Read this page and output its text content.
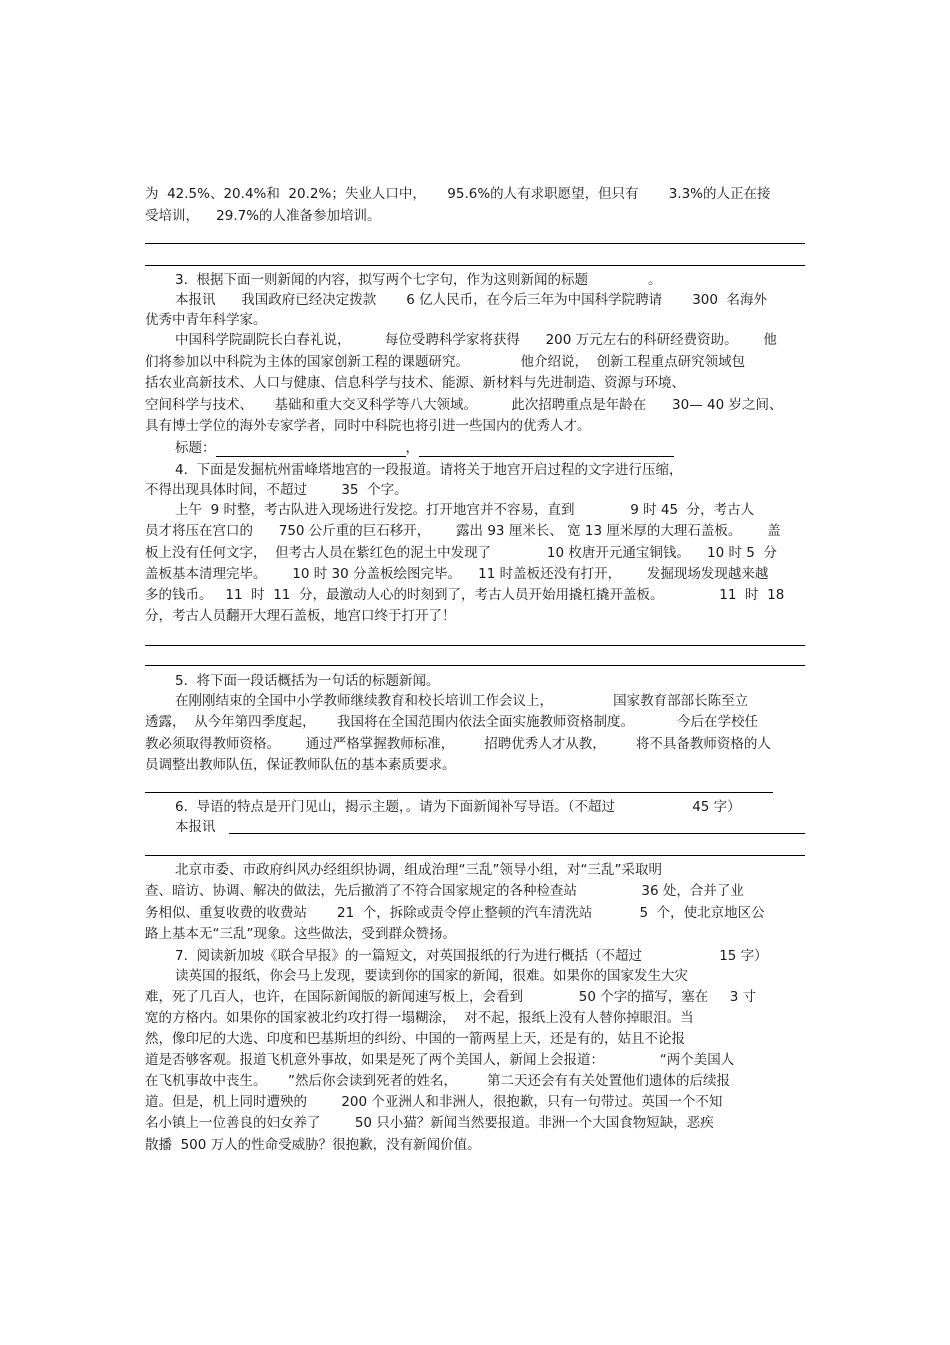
为  42.5%、20.4%和  20.2%；失业人口中，     95.6%的人有求职愿望，但只有       3.3%的人正在接
受培训，    29.7%的人准备参加培训。
3.  根据下面一则新闻的内容，拟写两个七字句，作为这则新闻的标题              。
本报讯      我国政府已经决定拨款       6 亿人民币，在今后三年为中国科学院聘请       300  名海外
优秀中青年科学家。
中国科学院副院长白春礼说，        每位受聘科学家将获得      200 万元左右的科研经费资助。      他
们将参加以中科院为主体的国家创新工程的课题研究。            他介绍说，  创新工程重点研究领域包
括农业高新技术、人口与健康、信息科学与技术、能源、新材料与先进制造、资源与环境、
空间科学与技术、     基础和重大交叉科学等八大领域。        此次招聘重点是年龄在      30— 40 岁之间、
具有博士学位的海外专家学者，同时中科院也将引进一些国内的优秀人才。
标题：	，
4.  下面是发掘杭州雷峰塔地宫的一段报道。请将关于地宫开启过程的文字进行压缩，
不得出现具体时间，不超过        35  个字。
上午  9 时整，考古队进入现场进行发挖。打开地宫并不容易，直到             9 时 45  分，考古人
员才将压在宫口的      750 公斤重的巨石移开，      露出 93 厘米长、 宽 13 厘米厚的大理石盖板。      盖
板上没有任何文字，  但考古人员在紫红色的泥土中发现了             10 枚唐开元通宝铜钱。    10 时 5  分
盖板基本清理完毕。      10 时 30 分盖板绘图完毕。    11 时盖板还没有打开，      发掘现场发现越来越
多的钱币。   11  时  11  分，最激动人心的时刻到了，考古人员开始用撬杠撬开盖板。             11  时  18
分，考古人员翻开大理石盖板，地宫口终于打开了！
5.  将下面一段话概括为一句话的标题新闻。
在刚刚结束的全国中小学教师继续教育和校长培训工作会议上，              国家教育部部长陈至立
透露，  从今年第四季度起，     我国将在全国范围内依法全面实施教师资格制度。          今后在学校任
教必须取得教师资格。      通过严格掌握教师标准，       招聘优秀人才从教，       将不具备教师资格的人
员调整出教师队伍，保证教师队伍的基本素质要求。
6.  导语的特点是开门见山，揭示主题，。请为下面新闻补写导语。（不超过                  45 字）
本报讯
北京市委、市政府纠风办经组织协调，组成治理“三乱”领导小组，对“三乱”采取明
查、暗访、协调、解决的做法，先后撤消了不符合国家规定的各种检查站               36 处，合并了业
务相似、重复收费的收费站       21  个，拆除或责令停止整顿的汽车清洗站           5  个，使北京地区公
路上基本无“三乱”现象。这些做法，受到群众赞扬。
7.  阅读新加坡《联合早报》的一篇短文，对英国报纸的行为进行概括（不超过                  15 字）
读英国的报纸，你会马上发现，要读到你的国家的新闻，很难。如果你的国家发生大灾
难，死了几百人，也许，在国际新闻版的新闻速写板上，会看到             50 个字的描写，塞在     3 寸
宽的方格内。如果你的国家被北约攻打得一塌糊涂，  对不起，报纸上没有人替你掉眼泪。当
然，像印尼的大选、印度和巴基斯坦的纠纷、中国的一箭两星上天，还是有的，姑且不论报
道是否够客观。报道飞机意外事故，如果是死了两个美国人，新闻上会报道：             “两个美国人
在飞机事故中丧生。     ”然后你会读到死者的姓名，       第二天还会有有关处置他们遗体的后续报
道。但是，机上同时遭殃的        200 个亚洲人和非洲人，很抱歉，只有一句带过。英国一个不知
名小镇上一位善良的妇女养了        50 只小猫？新闻当然要报道。非洲一个大国食物短缺，恶疾
散播  500 万人的性命受威胁？很抱歉，没有新闻价值。
